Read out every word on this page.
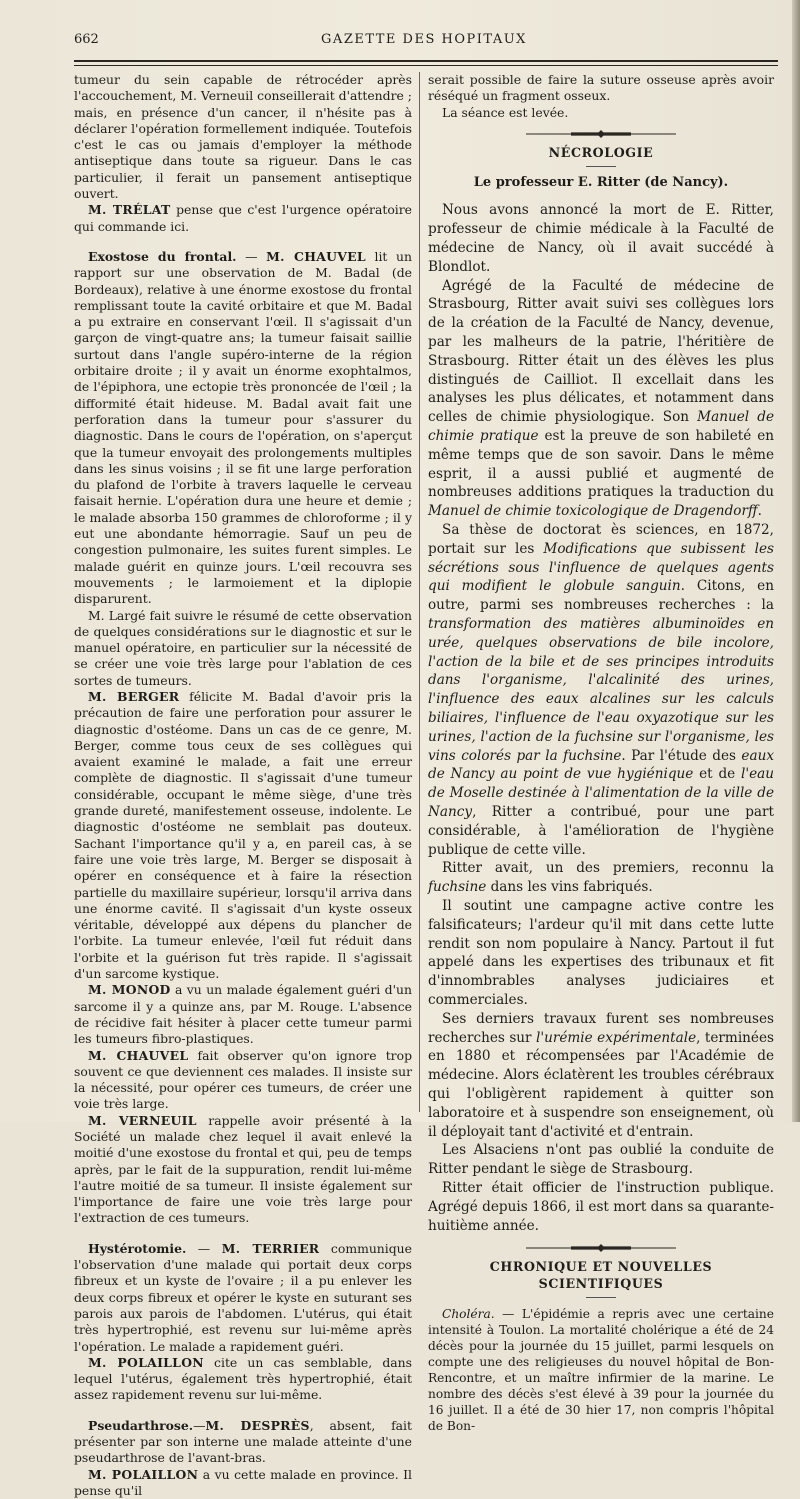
662	GAZETTE DES HOPITAUX

tumeur du sein capable de rétrocéder après l'accouchement, M. Verneuil conseillerait d'attendre ; mais, en présence d'un cancer, il n'hésite pas à déclarer l'opération formellement indiquée. Toutefois c'est le cas ou jamais d'employer la méthode antiseptique dans toute sa rigueur. Dans le cas particulier, il ferait un pansement antiseptique ouvert.

M. TRÉLAT pense que c'est l'urgence opératoire qui commande ici.

Exostose du frontal. — M. CHAUVEL lit un rapport sur une observation de M. Badal (de Bordeaux), relative à une énorme exostose du frontal remplissant toute la cavité orbitaire et que M. Badal a pu extraire en conservant l'œil. Il s'agissait d'un garçon de vingt-quatre ans; la tumeur faisait saillie surtout dans l'angle supéro-interne de la région orbitaire droite ; il y avait un énorme exophtalmos, de l'épiphora, une ectopie très prononcée de l'œil ; la difformité était hideuse. M. Badal avait fait une perforation dans la tumeur pour s'assurer du diagnostic. Dans le cours de l'opération, on s'aperçut que la tumeur envoyait des prolongements multiples dans les sinus voisins ; il se fit une large perforation du plafond de l'orbite à travers laquelle le cerveau faisait hernie. L'opération dura une heure et demie ; le malade absorba 150 grammes de chloroforme ; il y eut une abondante hémorragie. Sauf un peu de congestion pulmonaire, les suites furent simples. Le malade guérit en quinze jours. L'œil recouvra ses mouvements ; le larmoiement et la diplopie disparurent.

M. Largé fait suivre le résumé de cette observation de quelques considérations sur le diagnostic et sur le manuel opératoire, en particulier sur la nécessité de se créer une voie très large pour l'ablation de ces sortes de tumeurs.

M. BERGER félicite M. Badal d'avoir pris la précaution de faire une perforation pour assurer le diagnostic d'ostéome. Dans un cas de ce genre, M. Berger, comme tous ceux de ses collègues qui avaient examiné le malade, a fait une erreur complète de diagnostic. Il s'agissait d'une tumeur considérable, occupant le même siège, d'une très grande dureté, manifestement osseuse, indolente. Le diagnostic d'ostéome ne semblait pas douteux. Sachant l'importance qu'il y a, en pareil cas, à se faire une voie très large, M. Berger se disposait à opérer en conséquence et à faire la résection partielle du maxillaire supérieur, lorsqu'il arriva dans une énorme cavité. Il s'agissait d'un kyste osseux véritable, développé aux dépens du plancher de l'orbite. La tumeur enlevée, l'œil fut réduit dans l'orbite et la guérison fut très rapide. Il s'agissait d'un sarcome kystique.

M. MONOD a vu un malade également guéri d'un sarcome il y a quinze ans, par M. Rouge. L'absence de récidive fait hésiter à placer cette tumeur parmi les tumeurs fibro-plastiques.

M. CHAUVEL fait observer qu'on ignore trop souvent ce que deviennent ces malades. Il insiste sur la nécessité, pour opérer ces tumeurs, de créer une voie très large.

M. VERNEUIL rappelle avoir présenté à la Société un malade chez lequel il avait enlevé la moitié d'une exostose du frontal et qui, peu de temps après, par le fait de la suppuration, rendit lui-même l'autre moitié de sa tumeur. Il insiste également sur l'importance de faire une voie très large pour l'extraction de ces tumeurs.

Hystérotomie. — M. TERRIER communique l'observation d'une malade qui portait deux corps fibreux et un kyste de l'ovaire ; il a pu enlever les deux corps fibreux et opérer le kyste en suturant ses parois aux parois de l'abdomen. L'utérus, qui était très hypertrophié, est revenu sur lui-même après l'opération. Le malade a rapidement guéri.

M. POLAILLON cite un cas semblable, dans lequel l'utérus, également très hypertrophié, était assez rapidement revenu sur lui-même.

Pseudarthrose.—M. DESPRÈS, absent, fait présenter par son interne une malade atteinte d'une pseudarthrose de l'avant-bras.

M. POLAILLON a vu cette malade en province. Il pense qu'il

serait possible de faire la suture osseuse après avoir réséqué un fragment osseux.

La séance est levée.

NÉCROLOGIE
Le professeur E. Ritter (de Nancy).

Nous avons annoncé la mort de E. Ritter, professeur de chimie médicale à la Faculté de médecine de Nancy, où il avait succédé à Blondlot.

Agrégé de la Faculté de médecine de Strasbourg, Ritter avait suivi ses collègues lors de la création de la Faculté de Nancy, devenue, par les malheurs de la patrie, l'héritière de Strasbourg. Ritter était un des élèves les plus distingués de Cailliot. Il excellait dans les analyses les plus délicates, et notamment dans celles de chimie physiologique. Son Manuel de chimie pratique est la preuve de son habileté en même temps que de son savoir. Dans le même esprit, il a aussi publié et augmenté de nombreuses additions pratiques la traduction du Manuel de chimie toxicologique de Dragendorff.

Sa thèse de doctorat ès sciences, en 1872, portait sur les Modifications que subissent les sécrétions sous l'influence de quelques agents qui modifient le globule sanguin. Citons, en outre, parmi ses nombreuses recherches : la transformation des matières albuminoïdes en urée, quelques observations de bile incolore, l'action de la bile et de ses principes introduits dans l'organisme, l'alcalinité des urines, l'influence des eaux alcalines sur les calculs biliaires, l'influence de l'eau oxyazotique sur les urines, l'action de la fuchsine sur l'organisme, les vins colorés par la fuchsine. Par l'étude des eaux de Nancy au point de vue hygiénique et de l'eau de Moselle destinée à l'alimentation de la ville de Nancy, Ritter a contribué, pour une part considérable, à l'amélioration de l'hygiène publique de cette ville.

Ritter avait, un des premiers, reconnu la fuchsine dans les vins fabriqués.

Il soutint une campagne active contre les falsificateurs; l'ardeur qu'il mit dans cette lutte rendit son nom populaire à Nancy. Partout il fut appelé dans les expertises des tribunaux et fit d'innombrables analyses judiciaires et commerciales.

Ses derniers travaux furent ses nombreuses recherches sur l'urémie expérimentale, terminées en 1880 et récompensées par l'Académie de médecine. Alors éclatèrent les troubles cérébraux qui l'obligèrent rapidement à quitter son laboratoire et à suspendre son enseignement, où il déployait tant d'activité et d'entrain.

Les Alsaciens n'ont pas oublié la conduite de Ritter pendant le siège de Strasbourg.

Ritter était officier de l'instruction publique. Agrégé depuis 1866, il est mort dans sa quarante-huitième année.

CHRONIQUE ET NOUVELLES SCIENTIFIQUES

Choléra. — L'épidémie a repris avec une certaine intensité à Toulon. La mortalité cholérique a été de 24 décès pour la journée du 15 juillet, parmi lesquels on compte une des religieuses du nouvel hôpital de Bon-Rencontre, et un maître infirmier de la marine. Le nombre des décès s'est élevé à 39 pour la journée du 16 juillet. Il a été de 30 hier 17, non compris l'hôpital de Bon-
